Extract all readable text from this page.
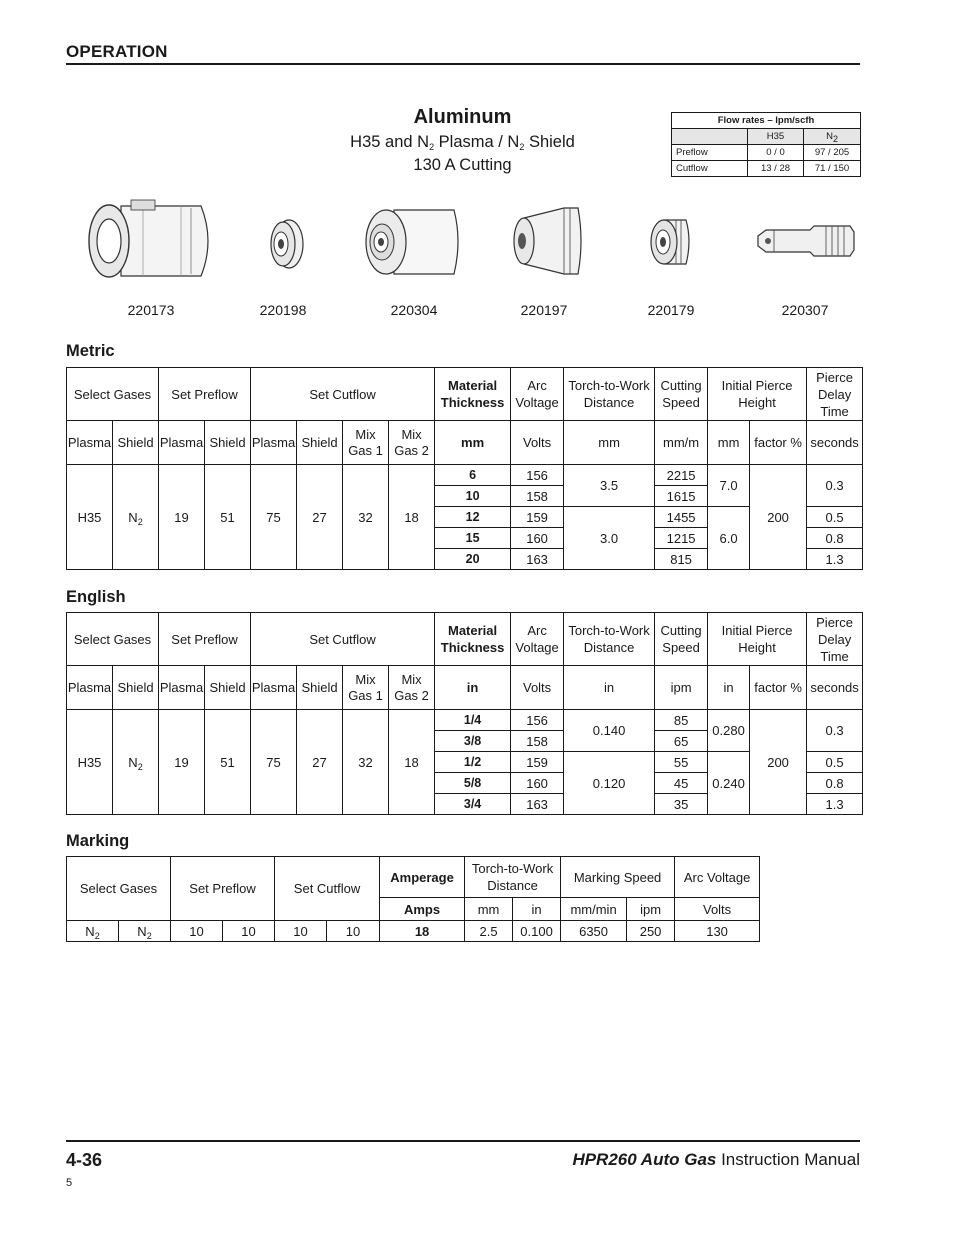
OPERATION
Aluminum
H35 and $N_2$ Plasma / $N_2$ Shield
130 A Cutting
Flow rates – lpm/scfh		
	H35	$N_2$
Preflow	0 / 0	97 / 205
Cutflow	13 / 28	71 / 150
220173	220198	220304	220197	220179	220307
Metric
Select Gases		Set Preflow		Set Cutflow				Material Thickness	Arc Voltage	Torch-to-Work Distance	Cutting Speed	Initial Pierce Height		Pierce Delay Time
Plasma	Shield	Plasma	Shield	Plasma	Shield	Mix Gas 1	Mix Gas 2	mm	Volts	mm	mm/m	mm	factor %	seconds
H35	$N_2$	19	51	75	27	32	18	6	156	3.5	2215	7.0	200	0.3
								10	158		1615			
								12	159	3.0	1455	6.0		0.5
								15	160		1215			0.8
								20	163		815			1.3
English
Select Gases		Set Preflow		Set Cutflow				Material Thickness	Arc Voltage	Torch-to-Work Distance	Cutting Speed	Initial Pierce Height		Pierce Delay Time
Plasma	Shield	Plasma	Shield	Plasma	Shield	Mix Gas 1	Mix Gas 2	in	Volts	in	ipm	in	factor %	seconds
H35	$N_2$	19	51	75	27	32	18	1/4	156	0.140	85	0.280	200	0.3
								3/8	158		65			
								1/2	159	0.120	55	0.240		0.5
								5/8	160		45			0.8
								3/4	163		35			1.3
Marking
Select Gases		Set Preflow		Set Cutflow		Amperage	Torch-to-Work Distance		Marking Speed		Arc Voltage
						Amps	mm	in	mm/min	ipm	Volts
$N_2$	$N_2$	10	10	10	10	18	2.5	0.100	6350	250	130
4-36	HPR260 Auto Gas Instruction Manual
5
